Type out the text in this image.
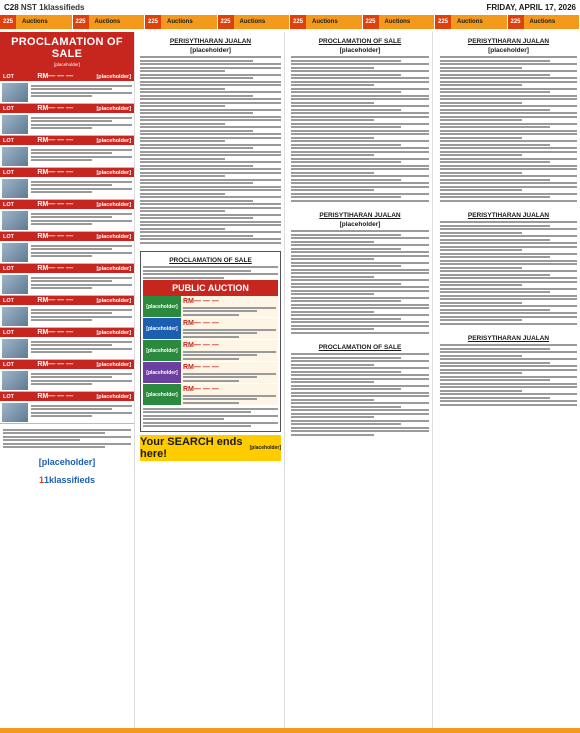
C28 NST 1klassifieds	FRIDAY, APRIL 17, 2026
225	Auctions	225	Auctions	225	Auctions	225	Auctions	225	Auctions	225	Auctions	225	Auctions	225	Auctions
PROCLAMATION OF SALE
[placeholder]
LOT	RM— — —	[placeholder]
LOT	RM— — —	[placeholder]
LOT	RM— — —	[placeholder]
LOT	RM— — —	[placeholder]
LOT	RM— — —	[placeholder]
LOT	RM— — —	[placeholder]
LOT	RM— — —	[placeholder]
LOT	RM— — —	[placeholder]
LOT	RM— — —	[placeholder]
LOT	RM— — —	[placeholder]
LOT	RM— — —	[placeholder]
[placeholder]
1 1klassifieds
PERISYTIHARAN JUALAN
[placeholder]
PROCLAMATION OF SALE
PUBLIC AUCTION
[placeholder]
RM— — —
[placeholder]
RM— — —
[placeholder]
RM— — —
[placeholder]
RM— — —
[placeholder]
RM— — —
Your SEARCH ends here!	[placeholder]
PROCLAMATION OF SALE
[placeholder]
PERISYTIHARAN JUALAN
[placeholder]
PROCLAMATION OF SALE
PERISYTIHARAN JUALAN
[placeholder]
PERISYTIHARAN JUALAN
PERISYTIHARAN JUALAN
